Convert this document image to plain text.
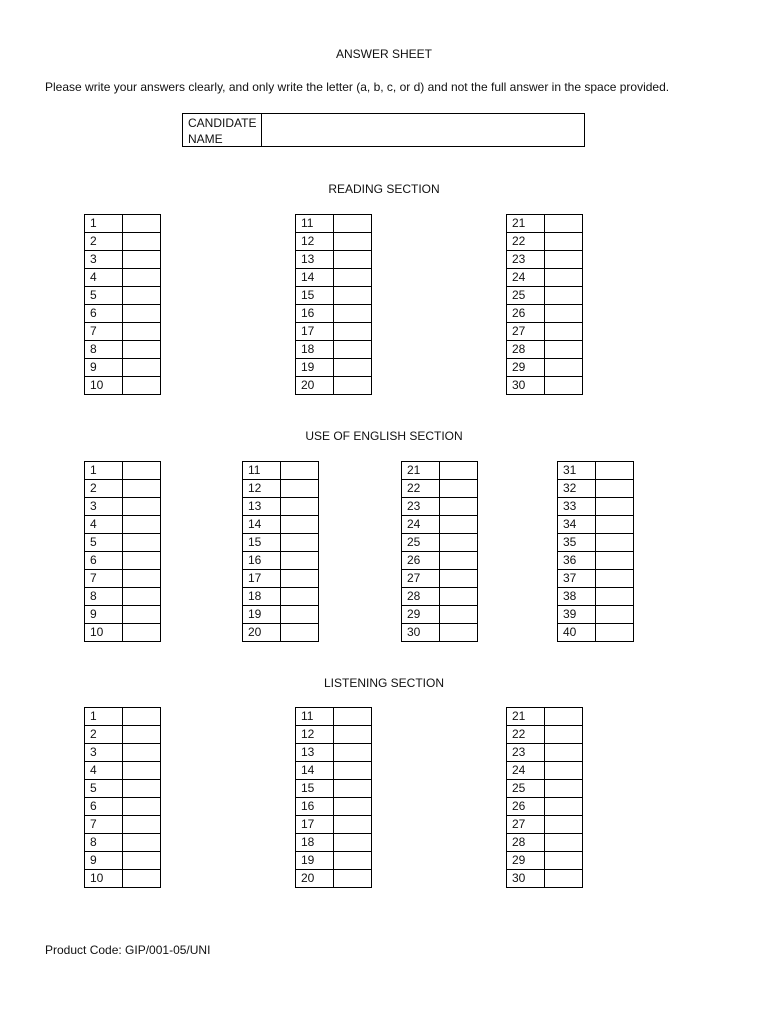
ANSWER SHEET
Please write your answers clearly, and only write the letter (a, b, c, or d) and not the full answer in the space provided.
CANDIDATE
NAME
READING SECTION
1	
2	
3	
4	
5	
6	
7	
8	
9	
10	
11	
12	
13	
14	
15	
16	
17	
18	
19	
20	
21	
22	
23	
24	
25	
26	
27	
28	
29	
30	
USE OF ENGLISH SECTION
1	
2	
3	
4	
5	
6	
7	
8	
9	
10	
11	
12	
13	
14	
15	
16	
17	
18	
19	
20	
21	
22	
23	
24	
25	
26	
27	
28	
29	
30	
31	
32	
33	
34	
35	
36	
37	
38	
39	
40	
LISTENING SECTION
1	
2	
3	
4	
5	
6	
7	
8	
9	
10	
11	
12	
13	
14	
15	
16	
17	
18	
19	
20	
21	
22	
23	
24	
25	
26	
27	
28	
29	
30	
Product Code: GIP/001-05/UNI
